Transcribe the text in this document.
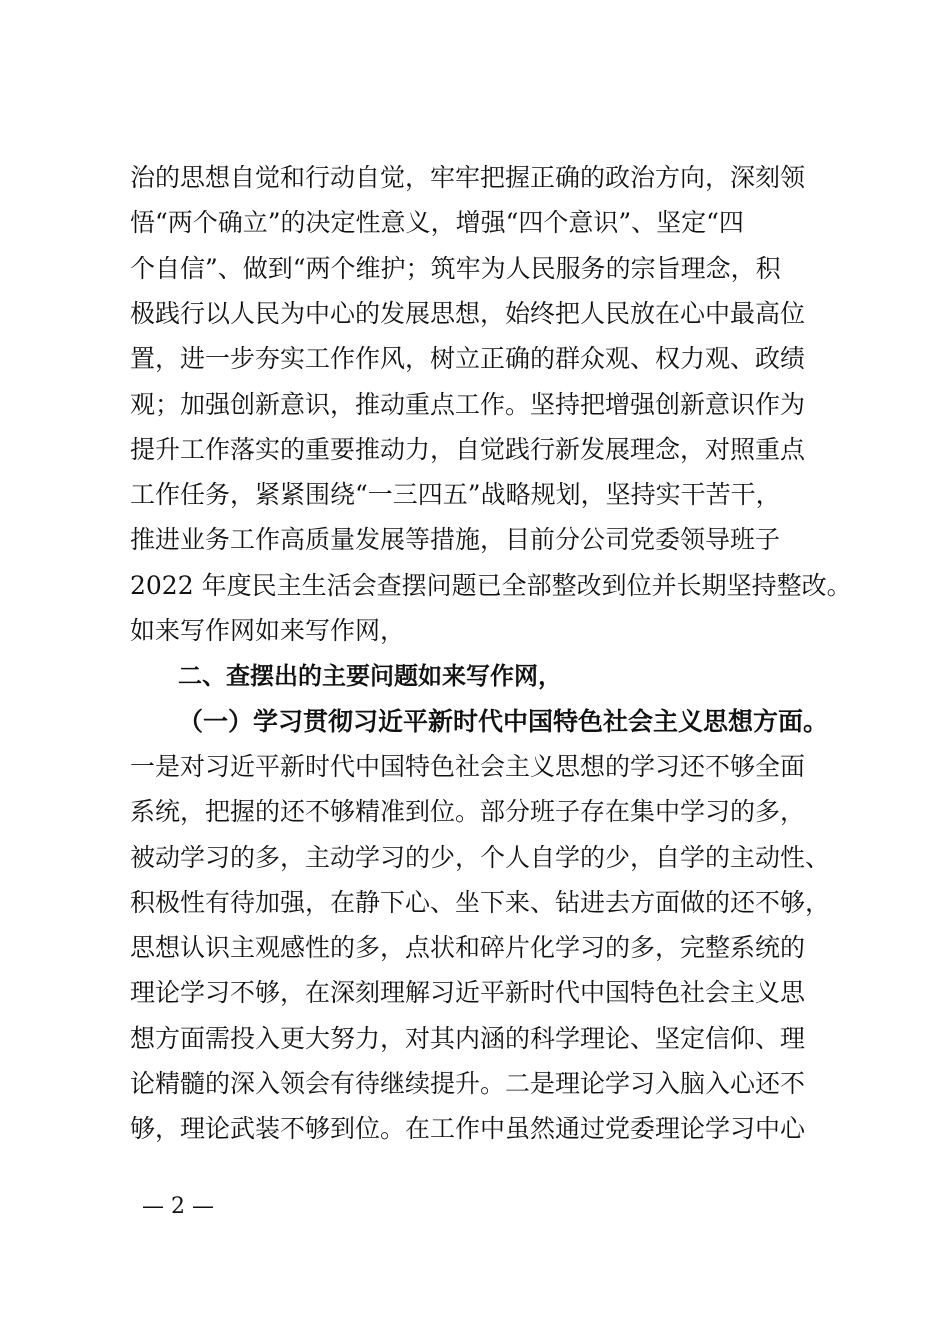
治的思想自觉和行动自觉，牢牢把握正确的政治方向，深刻领
悟“两个确立”的决定性意义，增强“四个意识”、坚定“四
个自信”、做到“两个维护；筑牢为人民服务的宗旨理念，积
极践行以人民为中心的发展思想，始终把人民放在心中最高位
置，进一步夯实工作作风，树立正确的群众观、权力观、政绩
观；加强创新意识，推动重点工作。坚持把增强创新意识作为
提升工作落实的重要推动力，自觉践行新发展理念，对照重点
工作任务，紧紧围绕“一三四五”战略规划，坚持实干苦干，
推进业务工作高质量发展等措施，目前分公司党委领导班子
2022 年度民主生活会查摆问题已全部整改到位并长期坚持整改。
如来写作网如来写作网，
二、查摆出的主要问题如来写作网，
（一）学习贯彻习近平新时代中国特色社会主义思想方面。
一是对习近平新时代中国特色社会主义思想的学习还不够全面
系统，把握的还不够精准到位。部分班子存在集中学习的多，
被动学习的多，主动学习的少，个人自学的少，自学的主动性、
积极性有待加强，在静下心、坐下来、钻进去方面做的还不够，
思想认识主观感性的多，点状和碎片化学习的多，完整系统的
理论学习不够，在深刻理解习近平新时代中国特色社会主义思
想方面需投入更大努力，对其内涵的科学理论、坚定信仰、理
论精髓的深入领会有待继续提升。二是理论学习入脑入心还不
够，理论武装不够到位。在工作中虽然通过党委理论学习中心
— 2 —
